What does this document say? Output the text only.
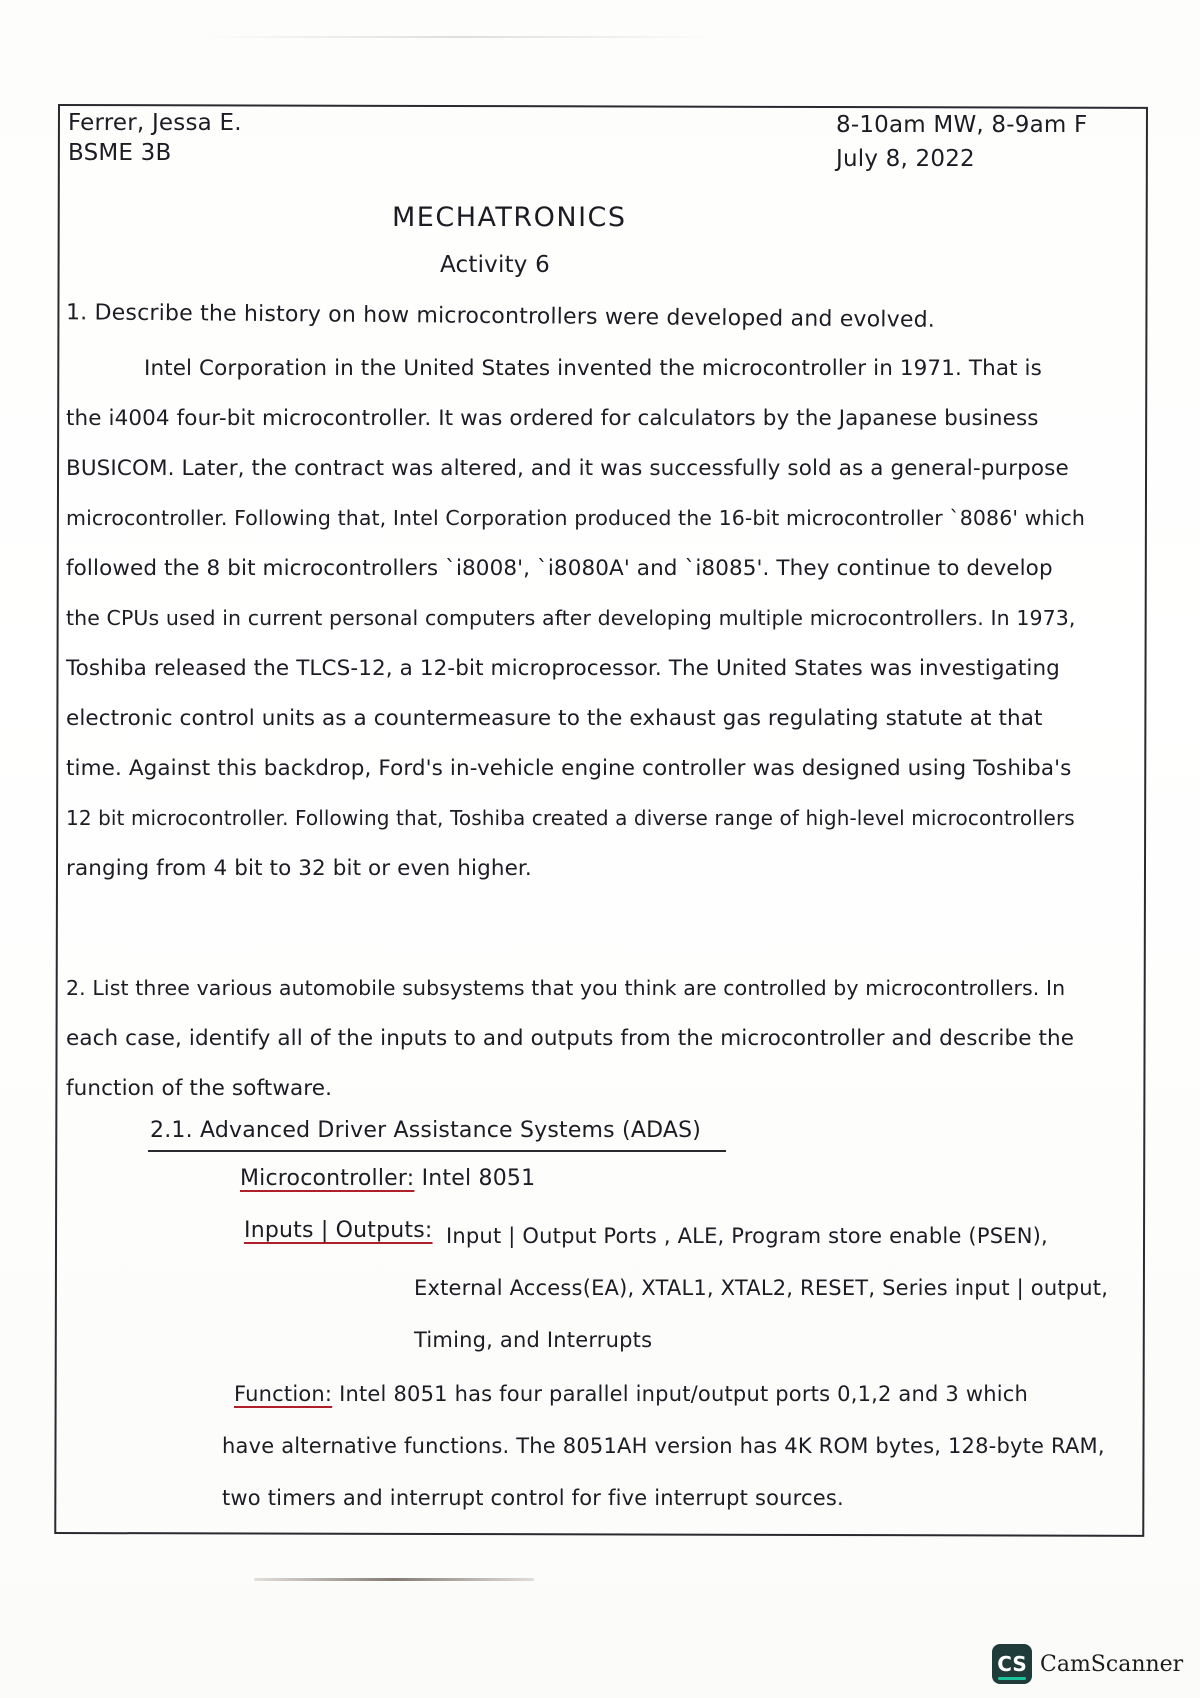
Ferrer, Jessa E.
BSME 3B
8-10am MW, 8-9am F
July 8, 2022
MECHATRONICS
Activity 6
1. Describe the history on how microcontrollers were developed and evolved.
Intel Corporation in the United States invented the microcontroller in 1971. That is
the i4004 four-bit microcontroller. It was ordered for calculators by the Japanese business
BUSICOM. Later, the contract was altered, and it was successfully sold as a general-purpose
microcontroller. Following that, Intel Corporation produced the 16-bit microcontroller `8086' which
followed the 8 bit microcontrollers `i8008', `i8080A' and `i8085'. They continue to develop
the CPUs used in current personal computers after developing multiple microcontrollers. In 1973,
Toshiba released the TLCS-12, a 12-bit microprocessor. The United States was investigating
electronic control units as a countermeasure to the exhaust gas regulating statute at that
time. Against this backdrop, Ford's in-vehicle engine controller was designed using Toshiba's
12 bit microcontroller. Following that, Toshiba created a diverse range of high-level microcontrollers
ranging from 4 bit to 32 bit or even higher.
2. List three various automobile subsystems that you think are controlled by microcontrollers. In
each case, identify all of the inputs to and outputs from the microcontroller and describe the
function of the software.
2.1. Advanced Driver Assistance Systems (ADAS)
Microcontroller: Intel 8051
Inputs | Outputs: Input | Output Ports , ALE, Program store enable (PSEN),
External Access(EA), XTAL1, XTAL2, RESET, Series input | output,
Timing, and Interrupts
Function: Intel 8051 has four parallel input/output ports 0,1,2 and 3 which
have alternative functions. The 8051AH version has 4K ROM bytes, 128-byte RAM,
two timers and interrupt control for five interrupt sources.
CS CamScanner
